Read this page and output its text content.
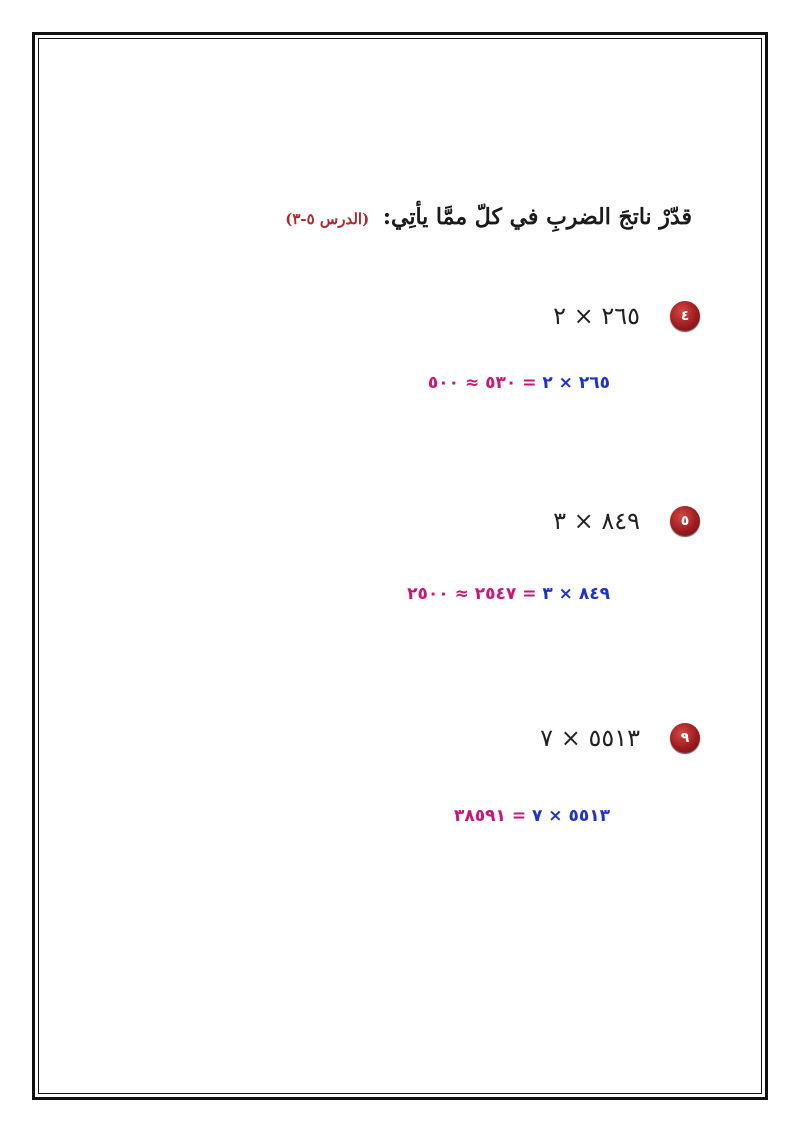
قدّرْ ناتجَ الضربِ في كلّ ممَّا يأتِي: (الدرس ٥-٣)
٤
٢٦٥ × ٢
٢٦٥ × ٢ = ٥٣٠ ≈ ٥٠٠
٥
٨٤٩ × ٣
٨٤٩ × ٣ = ٢٥٤٧ ≈ ٢٥٠٠
٩
٥٥١٣ × ٧
٥٥١٣ × ٧ = ٣٨٥٩١
